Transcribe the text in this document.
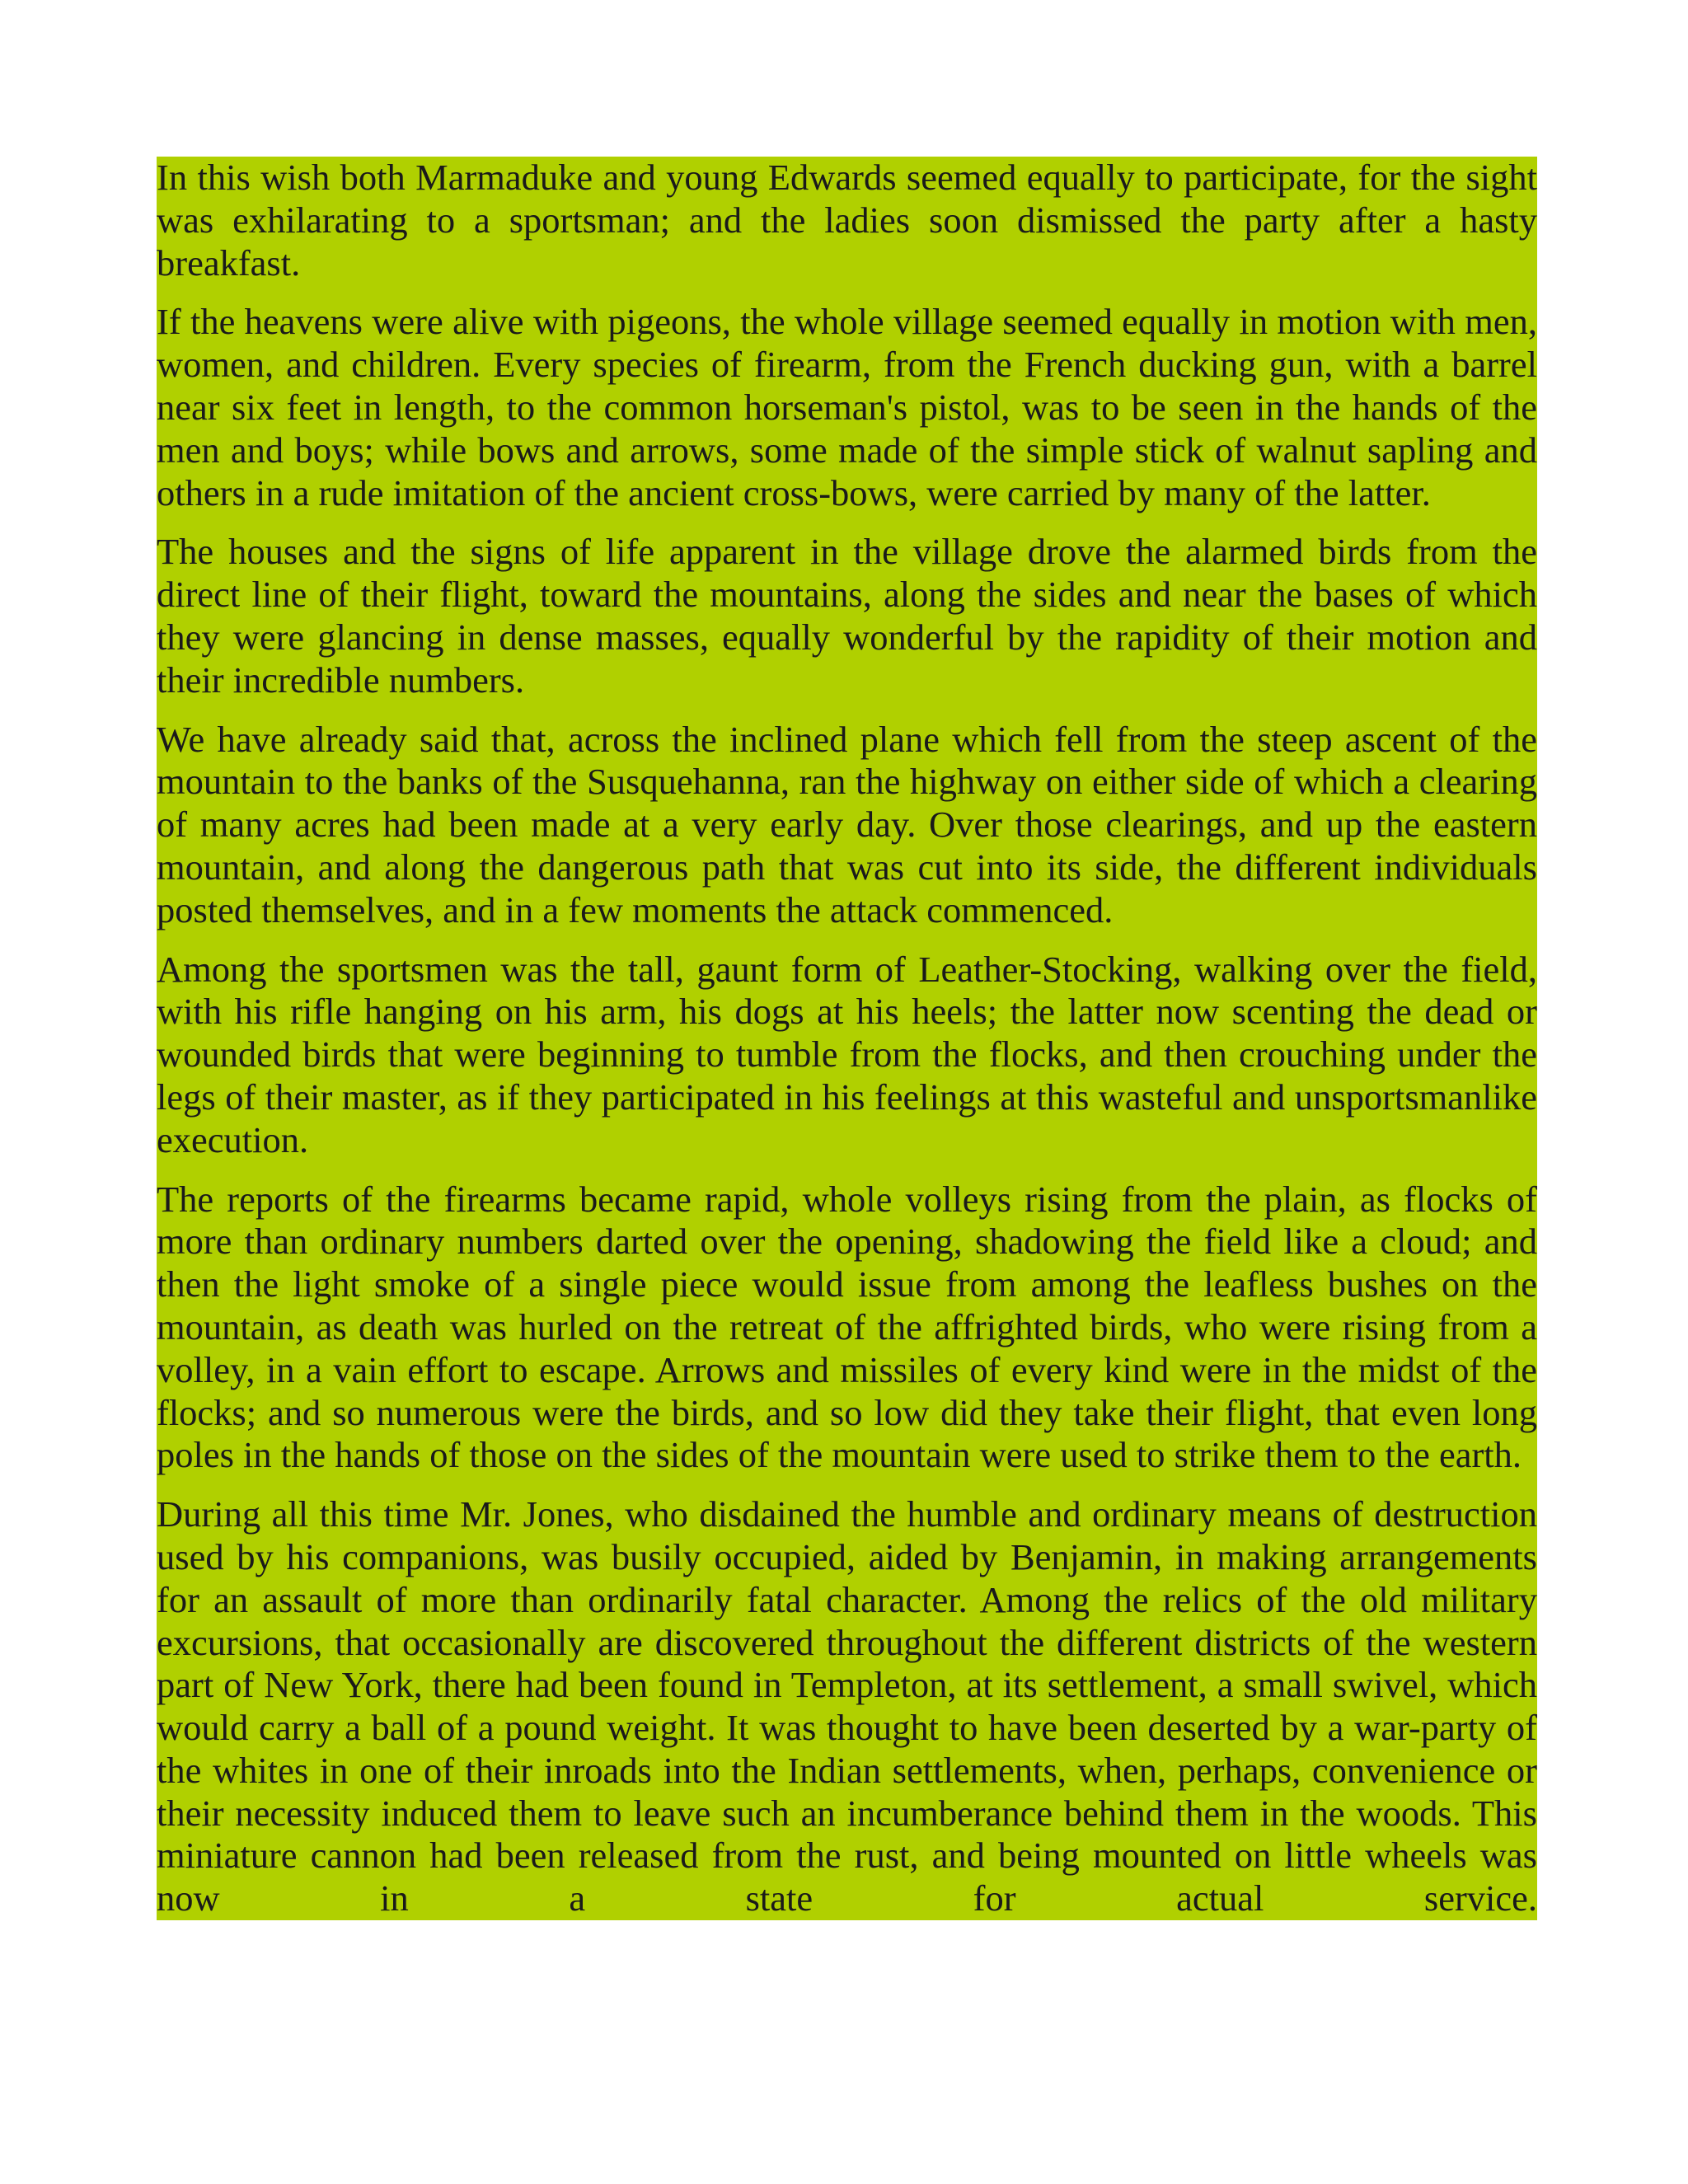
In this wish both Marmaduke and young Edwards seemed equally to participate, for the sight was exhilarating to a sportsman; and the ladies soon dismissed the party after a hasty breakfast.

If the heavens were alive with pigeons, the whole village seemed equally in motion with men, women, and children. Every species of firearm, from the French ducking gun, with a barrel near six feet in length, to the common horseman's pistol, was to be seen in the hands of the men and boys; while bows and arrows, some made of the simple stick of walnut sapling and others in a rude imitation of the ancient cross-bows, were carried by many of the latter.

The houses and the signs of life apparent in the village drove the alarmed birds from the direct line of their flight, toward the mountains, along the sides and near the bases of which they were glancing in dense masses, equally wonderful by the rapidity of their motion and their incredible numbers.

We have already said that, across the inclined plane which fell from the steep ascent of the mountain to the banks of the Susquehanna, ran the highway on either side of which a clearing of many acres had been made at a very early day. Over those clearings, and up the eastern mountain, and along the dangerous path that was cut into its side, the different individuals posted themselves, and in a few moments the attack commenced.

Among the sportsmen was the tall, gaunt form of Leather-Stocking, walking over the field, with his rifle hanging on his arm, his dogs at his heels; the latter now scenting the dead or wounded birds that were beginning to tumble from the flocks, and then crouching under the legs of their master, as if they participated in his feelings at this wasteful and unsportsmanlike execution.

The reports of the firearms became rapid, whole volleys rising from the plain, as flocks of more than ordinary numbers darted over the opening, shadowing the field like a cloud; and then the light smoke of a single piece would issue from among the leafless bushes on the mountain, as death was hurled on the retreat of the affrighted birds, who were rising from a volley, in a vain effort to escape. Arrows and missiles of every kind were in the midst of the flocks; and so numerous were the birds, and so low did they take their flight, that even long poles in the hands of those on the sides of the mountain were used to strike them to the earth.

During all this time Mr. Jones, who disdained the humble and ordinary means of destruction used by his companions, was busily occupied, aided by Benjamin, in making arrangements for an assault of more than ordinarily fatal character. Among the relics of the old military excursions, that occasionally are discovered throughout the different districts of the western part of New York, there had been found in Templeton, at its settlement, a small swivel, which would carry a ball of a pound weight. It was thought to have been deserted by a war-party of the whites in one of their inroads into the Indian settlements, when, perhaps, convenience or their necessity induced them to leave such an incumberance behind them in the woods. This miniature cannon had been released from the rust, and being mounted on little wheels was now in a state for actual service.
